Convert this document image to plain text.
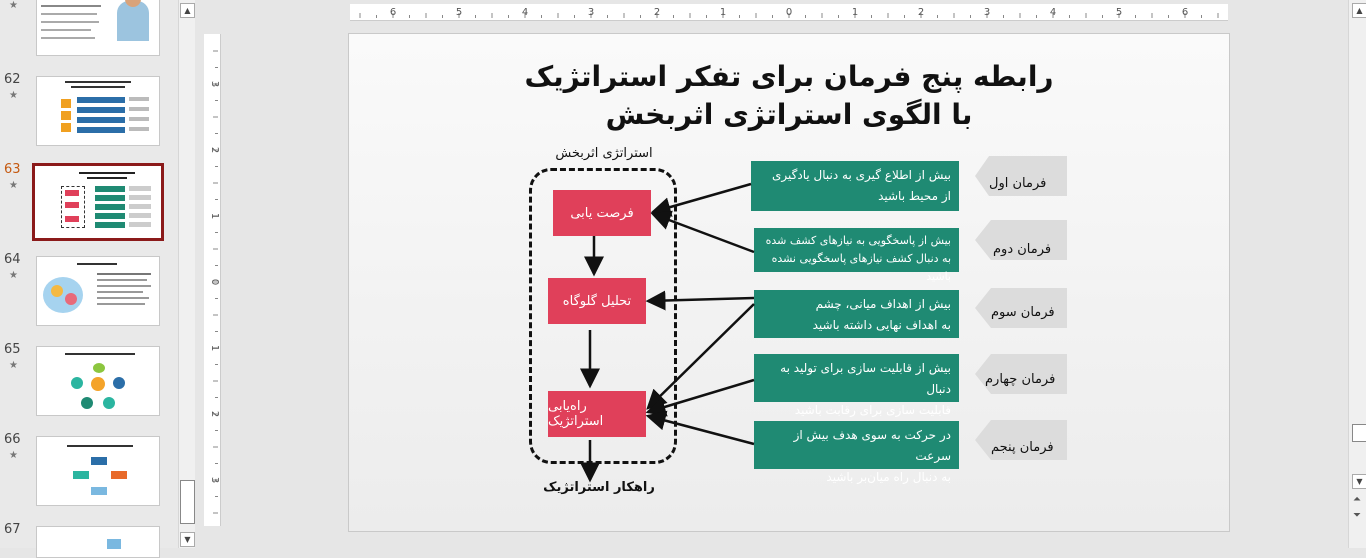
★
62
★
63
★
64
★
65
★
66
★
67
▲
▼
6	5	4	3	2	1	0	1	2	3	4	5	6
3
2
1
0
1
2
3
رابطه پنج فرمان برای تفکر استراتژیک
با الگوی استراتژی اثربخش
استراتژی اثربخش
فرصت یابی
تحلیل گلوگاه
راه‌یابی استراتژیک
راهکار استراتژیک
بیش از اطلاع گیری به دنبال یادگیری
از محیط باشید
بیش از پاسخگویی به نیازهای کشف شده
به دنبال کشف نیازهای پاسخگویی نشده باشید
بیش از اهداف میانی، چشم
به اهداف نهایی داشته باشید
بیش از قابلیت سازی برای تولید به دنبال
قابلیت سازی برای رقابت باشید
در حرکت به سوی هدف بیش از سرعت
به دنبال راه میان‌بر باشید
فرمان اول
فرمان دوم
فرمان سوم
فرمان چهارم
فرمان پنجم
▲
▼
⏶
⏷
